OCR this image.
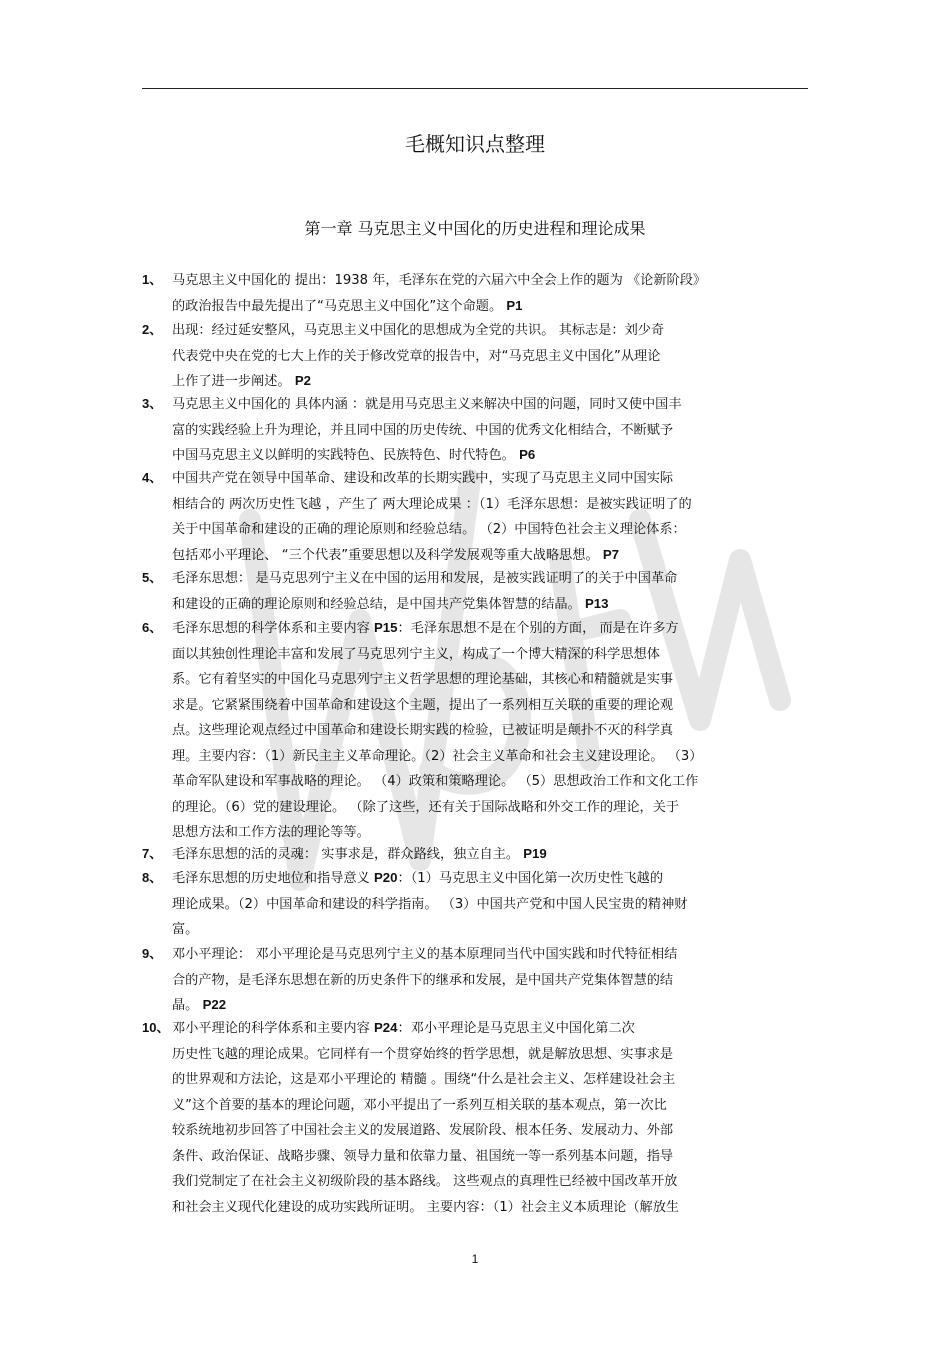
毛概知识点整理
第一章 马克思主义中国化的历史进程和理论成果
1、 马克思主义中国化的 提出：1938 年，毛泽东在党的六届六中全会上作的题为 《论新阶段》
的政治报告中最先提出了“马克思主义中国化”这个命题。 P1
2、 出现：经过延安整风，马克思主义中国化的思想成为全党的共识。 其标志是：刘少奇
代表党中央在党的七大上作的关于修改党章的报告中，对“马克思主义中国化”从理论
上作了进一步阐述。 P2
3、 马克思主义中国化的 具体内涵 ：就是用马克思主义来解决中国的问题，同时又使中国丰
富的实践经验上升为理论，并且同中国的历史传统、中国的优秀文化相结合，不断赋予
中国马克思主义以鲜明的实践特色、民族特色、时代特色。 P6
4、 中国共产党在领导中国革命、建设和改革的长期实践中，实现了马克思主义同中国实际
相结合的 两次历史性飞越 ，产生了 两大理论成果 ：（1）毛泽东思想：是被实践证明了的
关于中国革命和建设的正确的理论原则和经验总结。 （2）中国特色社会主义理论体系：
包括邓小平理论、 “三个代表”重要思想以及科学发展观等重大战略思想。 P7
5、 毛泽东思想： 是马克思列宁主义在中国的运用和发展，是被实践证明了的关于中国革命
和建设的正确的理论原则和经验总结，是中国共产党集体智慧的结晶。 P13
6、 毛泽东思想的科学体系和主要内容 P15：毛泽东思想不是在个别的方面， 而是在许多方
面以其独创性理论丰富和发展了马克思列宁主义，构成了一个博大精深的科学思想体
系。它有着坚实的中国化马克思列宁主义哲学思想的理论基础，其核心和精髓就是实事
求是。它紧紧围绕着中国革命和建设这个主题，提出了一系列相互关联的重要的理论观
点。这些理论观点经过中国革命和建设长期实践的检验，已被证明是颠扑不灭的科学真
理。主要内容：（1）新民主主义革命理论。（2）社会主义革命和社会主义建设理论。 （3）
革命军队建设和军事战略的理论。 （4）政策和策略理论。 （5）思想政治工作和文化工作
的理论。（6）党的建设理论。 （除了这些，还有关于国际战略和外交工作的理论，关于
思想方法和工作方法的理论等等。
7、 毛泽东思想的活的灵魂： 实事求是，群众路线，独立自主。 P19
8、 毛泽东思想的历史地位和指导意义 P20：（1）马克思主义中国化第一次历史性飞越的
理论成果。（2）中国革命和建设的科学指南。 （3）中国共产党和中国人民宝贵的精神财
富。
9、 邓小平理论： 邓小平理论是马克思列宁主义的基本原理同当代中国实践和时代特征相结
合的产物，是毛泽东思想在新的历史条件下的继承和发展，是中国共产党集体智慧的结
晶。 P22
10、 邓小平理论的科学体系和主要内容 P24：邓小平理论是马克思主义中国化第二次
历史性飞越的理论成果。它同样有一个贯穿始终的哲学思想，就是解放思想、实事求是
的世界观和方法论，这是邓小平理论的 精髓 。围绕“什么是社会主义、怎样建设社会主
义”这个首要的基本的理论问题，邓小平提出了一系列互相关联的基本观点，第一次比
较系统地初步回答了中国社会主义的发展道路、发展阶段、根本任务、发展动力、外部
条件、政治保证、战略步骤、领导力量和依靠力量、祖国统一等一系列基本问题，指导
我们党制定了在社会主义初级阶段的基本路线。 这些观点的真理性已经被中国改革开放
和社会主义现代化建设的成功实践所证明。 主要内容：（1）社会主义本质理论（解放生
1
